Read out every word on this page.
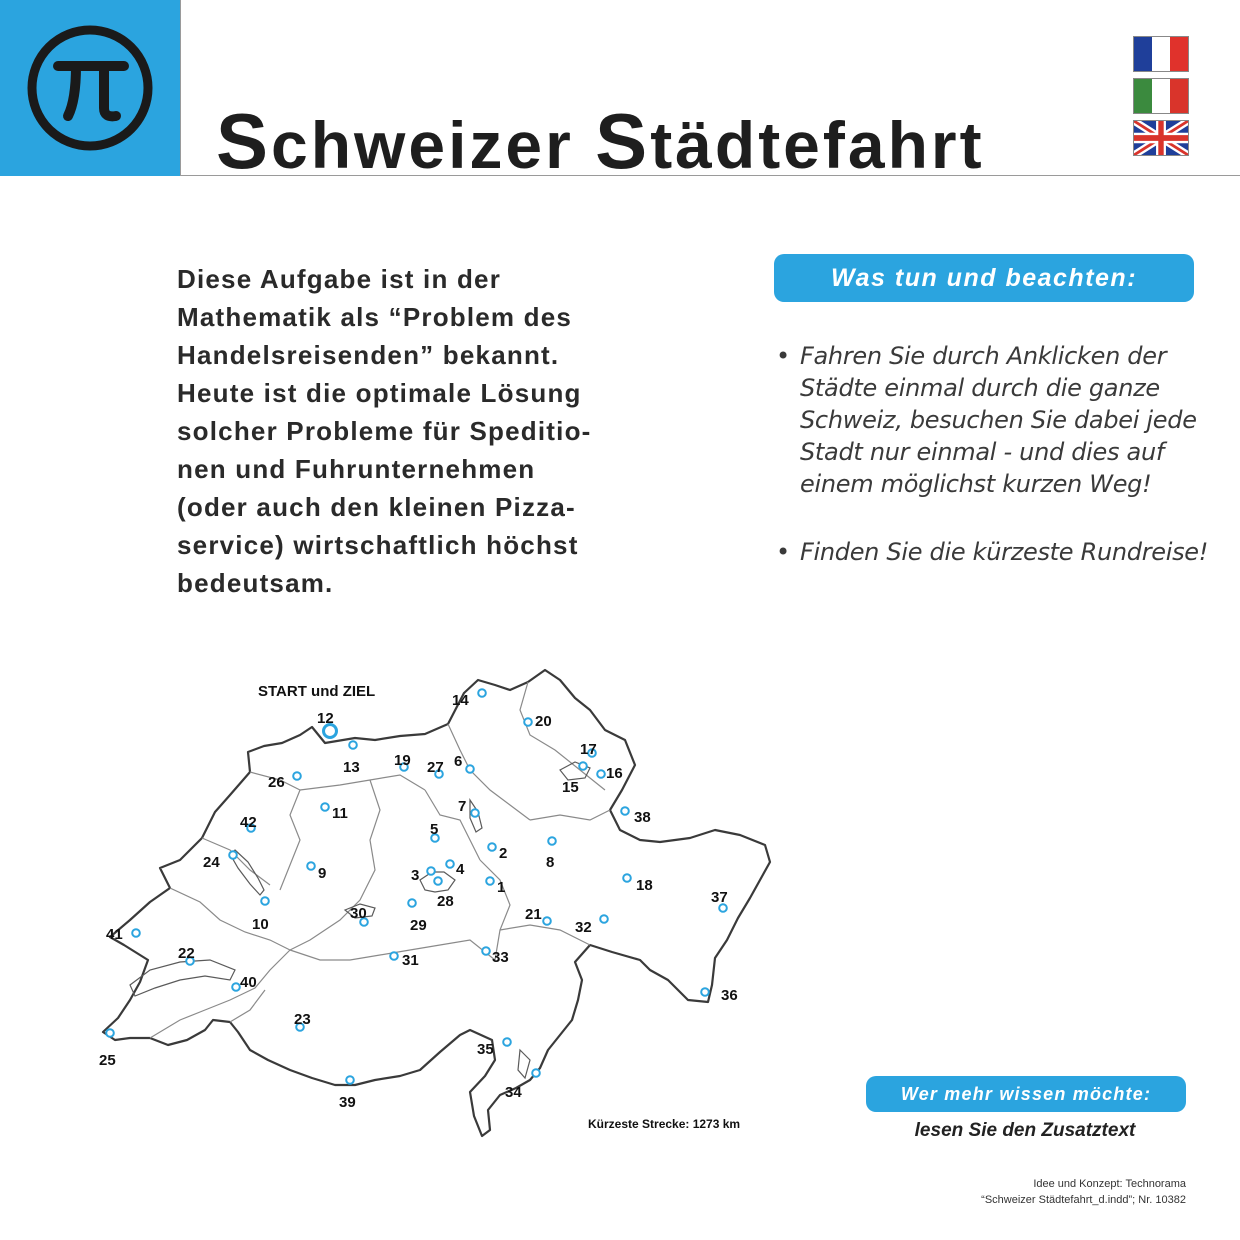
Schweizer Städtefahrt

Diese Aufgabe ist in der

Mathematik als “Problem des

Handelsreisenden” bekannt.

Heute ist die optimale Lösung

solcher Probleme für Speditio-

nen und Fuhrunternehmen

(oder auch den kleinen Pizza-

service) wirtschaftlich höchst

bedeutsam.

Was tun und beachten:
• Fahren Sie durch Anklicken der
Städte einmal durch die ganze
Schweiz, besuchen Sie dabei jede
Stadt nur einmal - und dies auf
einem möglichst kurzen Weg!
• Finden Sie die kürzeste Rundreise!
1
2
3 4
5
6
7
8
9
10
11
12
13
14
15
16
17
18
19
20
21
22
23
24
25
26
27
28
29
30
31
32
33
34
35
36
37
38
39
40
41
42
START und ZIEL
Kürzeste Strecke: 1273 km
Wer mehr wissen möchte:
lesen Sie den Zusatztext
Idee und Konzept: Technorama
“Schweizer Städtefahrt_d.indd”; Nr. 10382
